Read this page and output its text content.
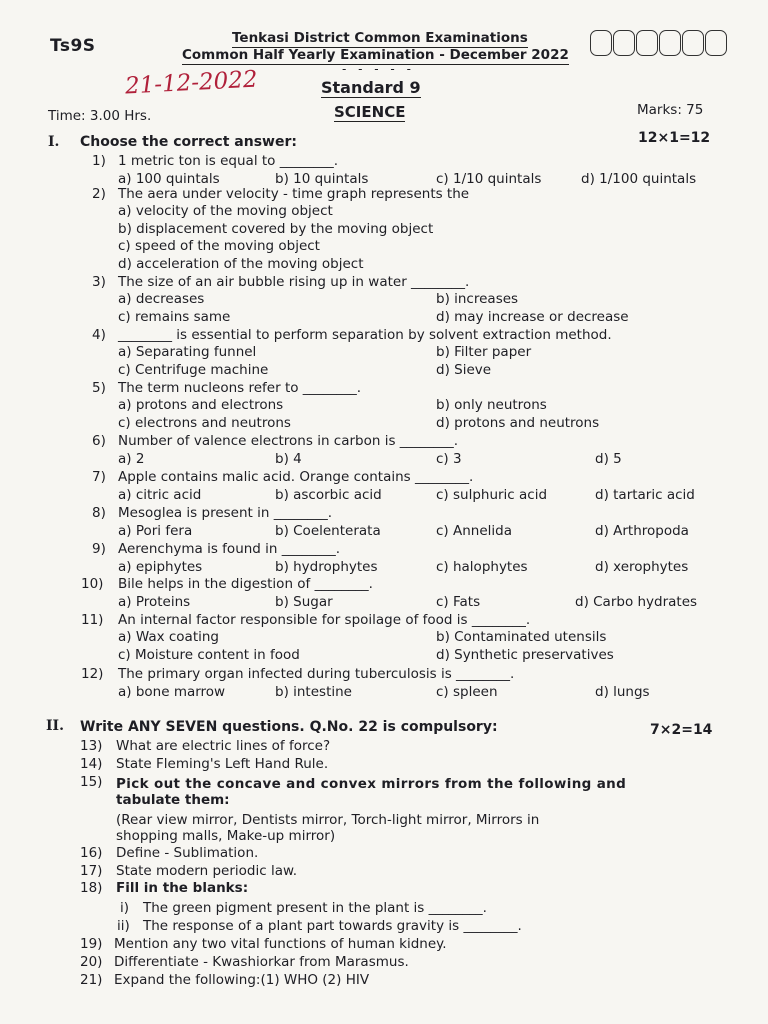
Ts9S	Tenkasi District Common Examinations
Common Half Yearly Examination - December 2022
- - - - -
21-12-2022	Standard 9
Time: 3.00 Hrs.	SCIENCE	Marks: 75
I. Choose the correct answer:	12×1=12
1) 1 metric ton is equal to ________.
a) 100 quintals	b) 10 quintals	c) 1/10 quintals	d) 1/100 quintals
2) The aera under velocity - time graph represents the
a) velocity of the moving object
b) displacement covered by the moving object
c) speed of the moving object
d) acceleration of the moving object
3) The size of an air bubble rising up in water ________.
a) decreases	b) increases
c) remains same	d) may increase or decrease
4) ________ is essential to perform separation by solvent extraction method.
a) Separating funnel	b) Filter paper
c) Centrifuge machine	d) Sieve
5) The term nucleons refer to ________.
a) protons and electrons	b) only neutrons
c) electrons and neutrons	d) protons and neutrons
6) Number of valence electrons in carbon is ________.
a) 2	b) 4	c) 3	d) 5
7) Apple contains malic acid. Orange contains ________.
a) citric acid	b) ascorbic acid	c) sulphuric acid	d) tartaric acid
8) Mesoglea is present in ________.
a) Pori fera	b) Coelenterata	c) Annelida	d) Arthropoda
9) Aerenchyma is found in ________.
a) epiphytes	b) hydrophytes	c) halophytes	d) xerophytes
10) Bile helps in the digestion of ________.
a) Proteins	b) Sugar	c) Fats	d) Carbo hydrates
11) An internal factor responsible for spoilage of food is ________.
a) Wax coating	b) Contaminated utensils
c) Moisture content in food	d) Synthetic preservatives
12) The primary organ infected during tuberculosis is ________.
a) bone marrow	b) intestine	c) spleen	d) lungs
II. Write ANY SEVEN questions. Q.No. 22 is compulsory:	7×2=14
13) What are electric lines of force?
14) State Fleming's Left Hand Rule.
15) Pick out the concave and convex mirrors from the following and
tabulate them:
(Rear view mirror, Dentists mirror, Torch-light mirror, Mirrors in
shopping malls, Make-up mirror)
16) Define - Sublimation.
17) State modern periodic law.
18) Fill in the blanks:
i) The green pigment present in the plant is ________.
ii) The response of a plant part towards gravity is ________.
19) Mention any two vital functions of human kidney.
20) Differentiate - Kwashiorkar from Marasmus.
21) Expand the following:(1) WHO (2) HIV
